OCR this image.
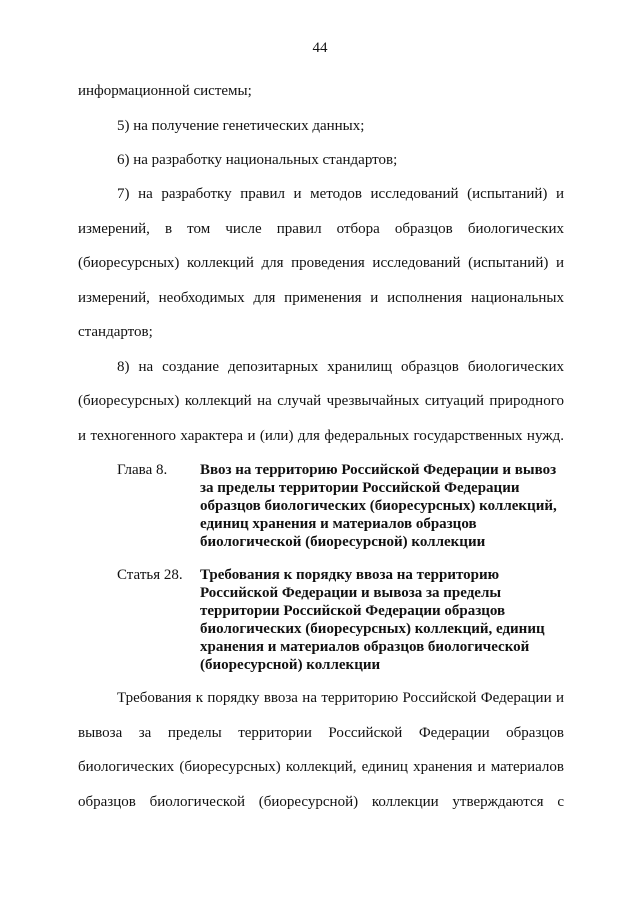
44
информационной системы;
5) на получение генетических данных;
6) на разработку национальных стандартов;
7) на разработку правил и методов исследований (испытаний) и
измерений, в том числе правил отбора образцов биологических
(биоресурсных) коллекций для проведения исследований (испытаний) и
измерений, необходимых для применения и исполнения национальных
стандартов;
8) на создание депозитарных хранилищ образцов биологических
(биоресурсных) коллекций на случай чрезвычайных ситуаций природного
и техногенного характера и (или) для федеральных государственных нужд.
Глава 8. Ввоз на территорию Российской Федерации и вывоз
за пределы территории Российской Федерации
образцов биологических (биоресурсных) коллекций,
единиц хранения и материалов образцов
биологической (биоресурсной) коллекции
Статья 28. Требования к порядку ввоза на территорию
Российской Федерации и вывоза за пределы
территории Российской Федерации образцов
биологических (биоресурсных) коллекций, единиц
хранения и материалов образцов биологической
(биоресурсной) коллекции
Требования к порядку ввоза на территорию Российской Федерации и
вывоза за пределы территории Российской Федерации образцов
биологических (биоресурсных) коллекций, единиц хранения и материалов
образцов биологической (биоресурсной) коллекции утверждаются с
